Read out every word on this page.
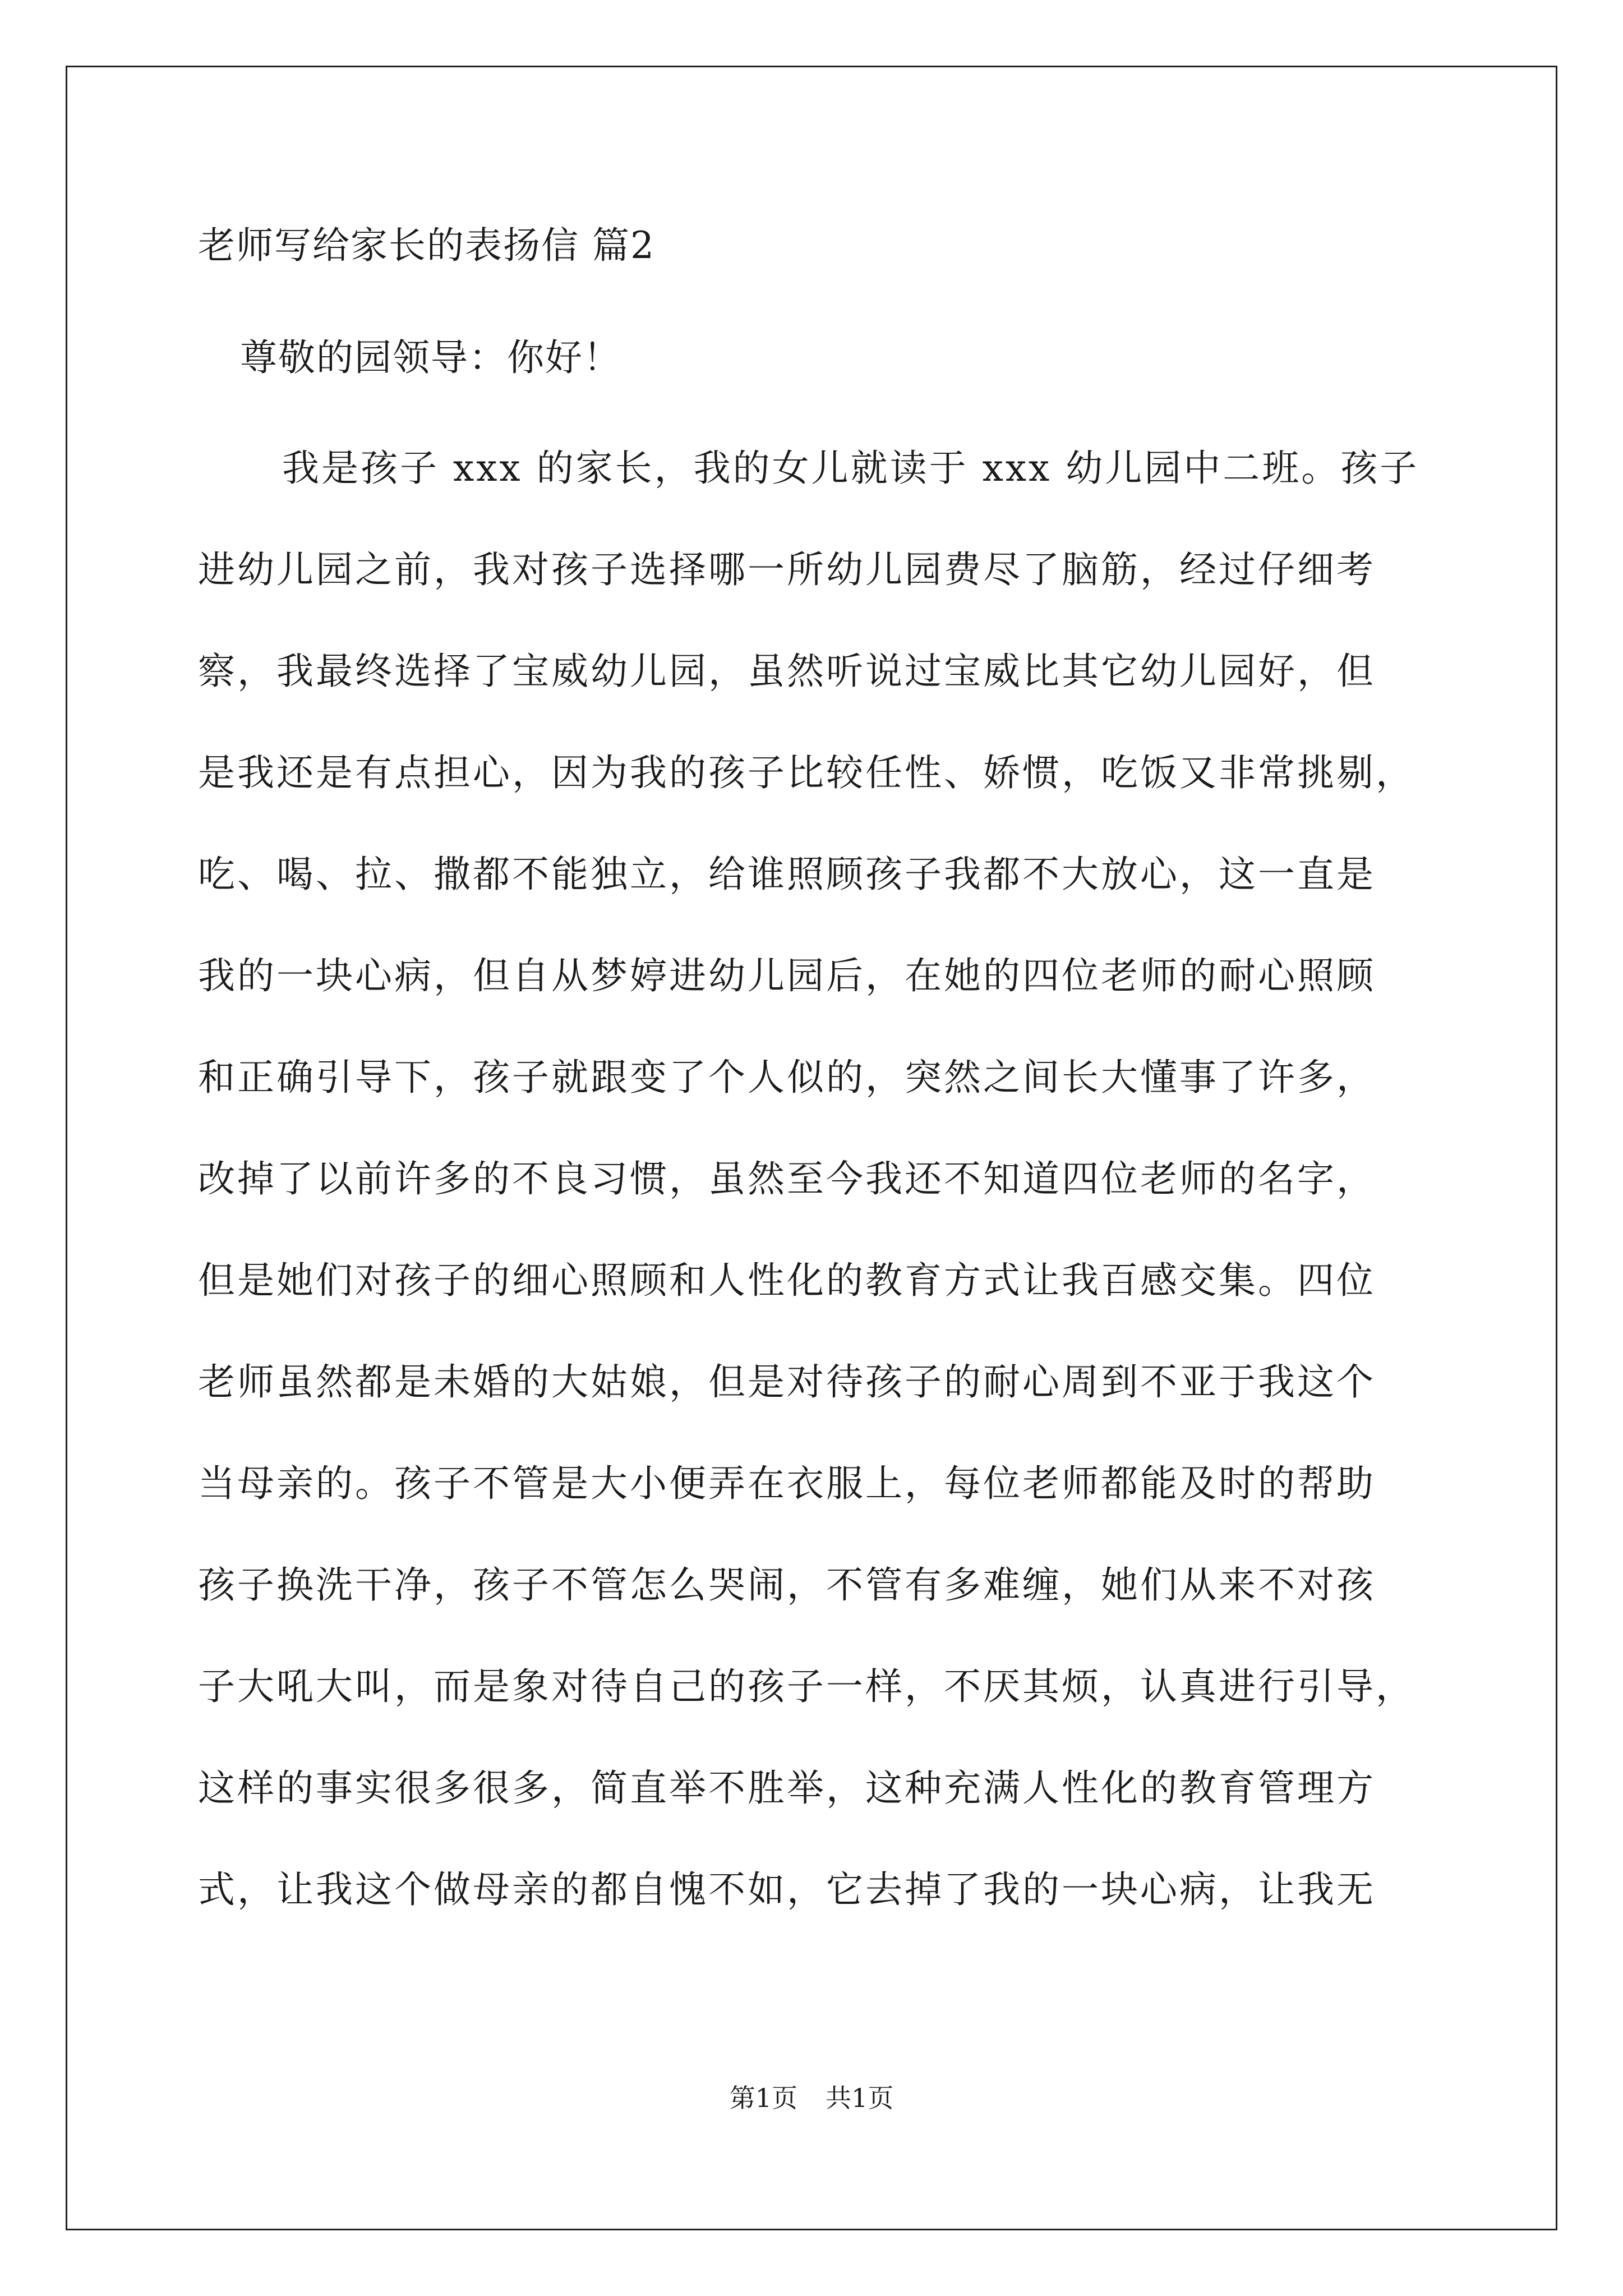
老师写给家长的表扬信 篇2
尊敬的园领导：你好！
我是孩子 xxx 的家长，我的女儿就读于 xxx 幼儿园中二班。孩子
进幼儿园之前，我对孩子选择哪一所幼儿园费尽了脑筋，经过仔细考
察，我最终选择了宝威幼儿园，虽然听说过宝威比其它幼儿园好，但
是我还是有点担心，因为我的孩子比较任性、娇惯，吃饭又非常挑剔，
吃、喝、拉、撒都不能独立，给谁照顾孩子我都不大放心，这一直是
我的一块心病，但自从梦婷进幼儿园后，在她的四位老师的耐心照顾
和正确引导下，孩子就跟变了个人似的，突然之间长大懂事了许多，
改掉了以前许多的不良习惯，虽然至今我还不知道四位老师的名字，
但是她们对孩子的细心照顾和人性化的教育方式让我百感交集。四位
老师虽然都是未婚的大姑娘，但是对待孩子的耐心周到不亚于我这个
当母亲的。孩子不管是大小便弄在衣服上，每位老师都能及时的帮助
孩子换洗干净，孩子不管怎么哭闹，不管有多难缠，她们从来不对孩
子大吼大叫，而是象对待自己的孩子一样，不厌其烦，认真进行引导，
这样的事实很多很多，简直举不胜举，这种充满人性化的教育管理方
式，让我这个做母亲的都自愧不如，它去掉了我的一块心病，让我无
第1页 共1页
